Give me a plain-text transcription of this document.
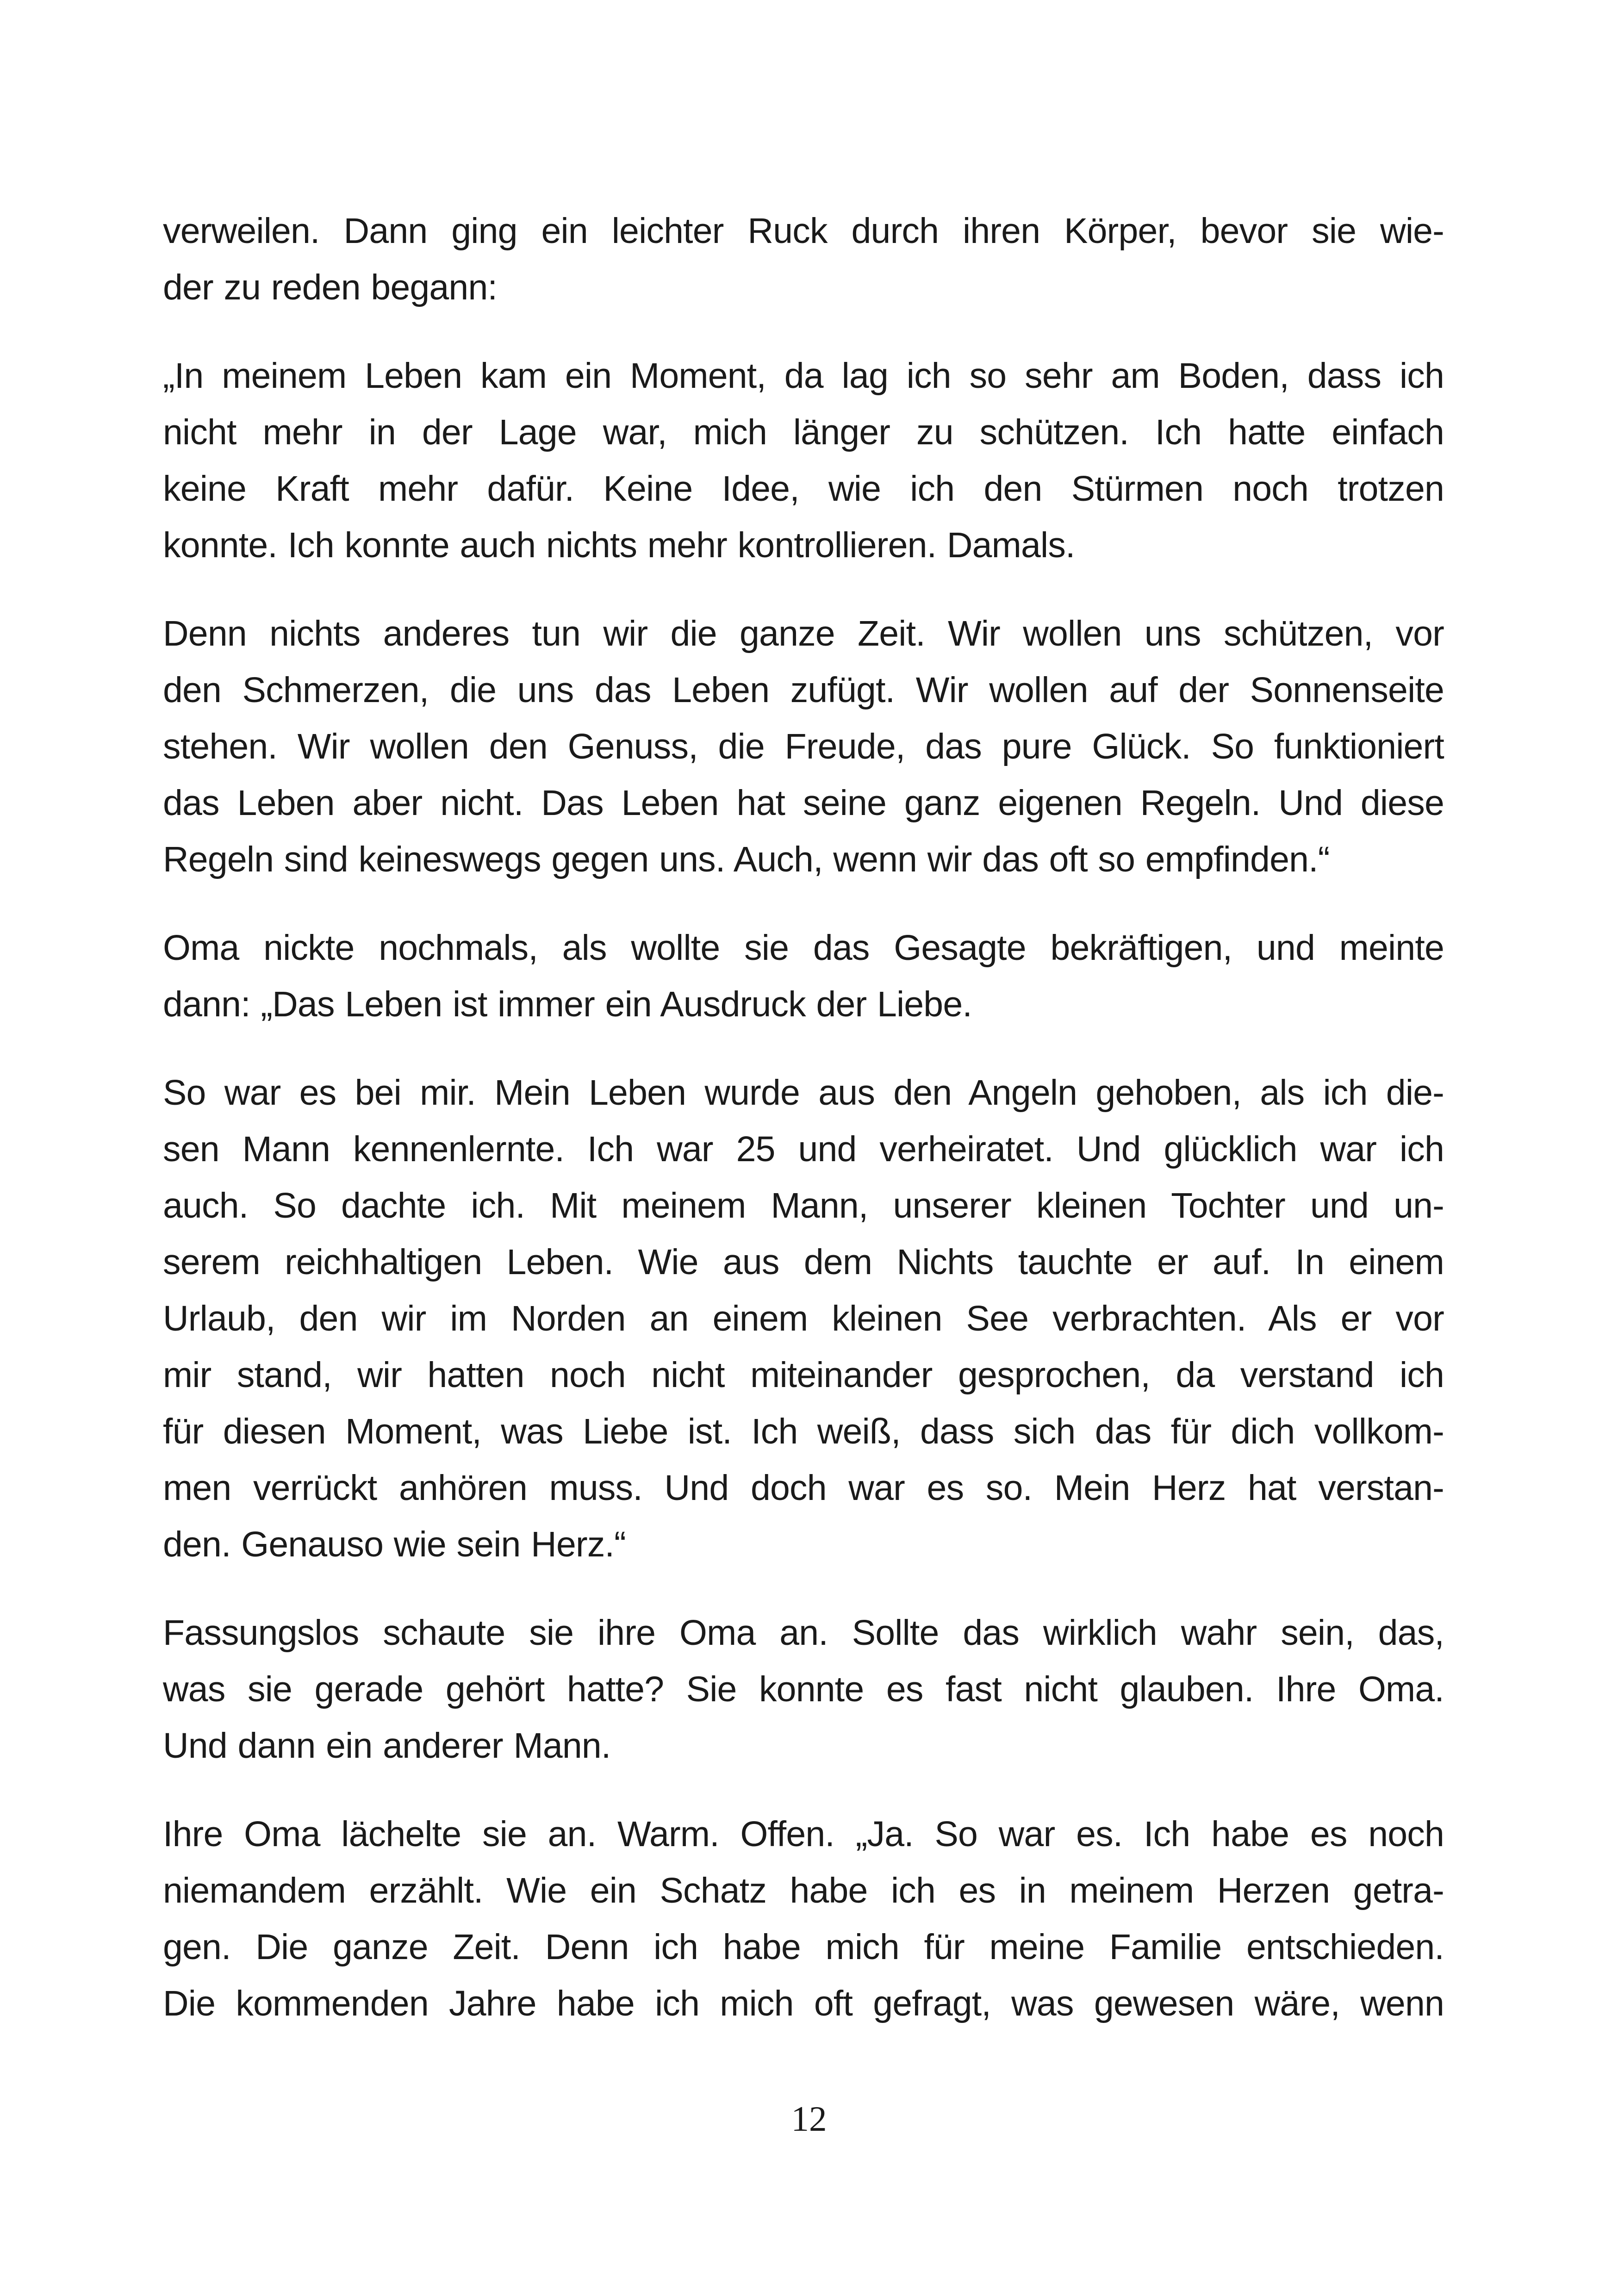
verweilen. Dann ging ein leichter Ruck durch ihren Körper, bevor sie wie-
der zu reden begann:

„In meinem Leben kam ein Moment, da lag ich so sehr am Boden, dass ich
nicht mehr in der Lage war, mich länger zu schützen. Ich hatte einfach
keine Kraft mehr dafür. Keine Idee, wie ich den Stürmen noch trotzen
konnte. Ich konnte auch nichts mehr kontrollieren. Damals.

Denn nichts anderes tun wir die ganze Zeit. Wir wollen uns schützen, vor
den Schmerzen, die uns das Leben zufügt. Wir wollen auf der Sonnenseite
stehen. Wir wollen den Genuss, die Freude, das pure Glück. So funktioniert
das Leben aber nicht. Das Leben hat seine ganz eigenen Regeln. Und diese
Regeln sind keineswegs gegen uns. Auch, wenn wir das oft so empfinden.“

Oma nickte nochmals, als wollte sie das Gesagte bekräftigen, und meinte
dann: „Das Leben ist immer ein Ausdruck der Liebe.

So war es bei mir. Mein Leben wurde aus den Angeln gehoben, als ich die-
sen Mann kennenlernte. Ich war 25 und verheiratet. Und glücklich war ich
auch. So dachte ich. Mit meinem Mann, unserer kleinen Tochter und un-
serem reichhaltigen Leben. Wie aus dem Nichts tauchte er auf. In einem
Urlaub, den wir im Norden an einem kleinen See verbrachten. Als er vor
mir stand, wir hatten noch nicht miteinander gesprochen, da verstand ich
für diesen Moment, was Liebe ist. Ich weiß, dass sich das für dich vollkom-
men verrückt anhören muss. Und doch war es so. Mein Herz hat verstan-
den. Genauso wie sein Herz.“

Fassungslos schaute sie ihre Oma an. Sollte das wirklich wahr sein, das,
was sie gerade gehört hatte? Sie konnte es fast nicht glauben. Ihre Oma.
Und dann ein anderer Mann.

Ihre Oma lächelte sie an. Warm. Offen. „Ja. So war es. Ich habe es noch
niemandem erzählt. Wie ein Schatz habe ich es in meinem Herzen getra-
gen. Die ganze Zeit. Denn ich habe mich für meine Familie entschieden.
Die kommenden Jahre habe ich mich oft gefragt, was gewesen wäre, wenn

12
